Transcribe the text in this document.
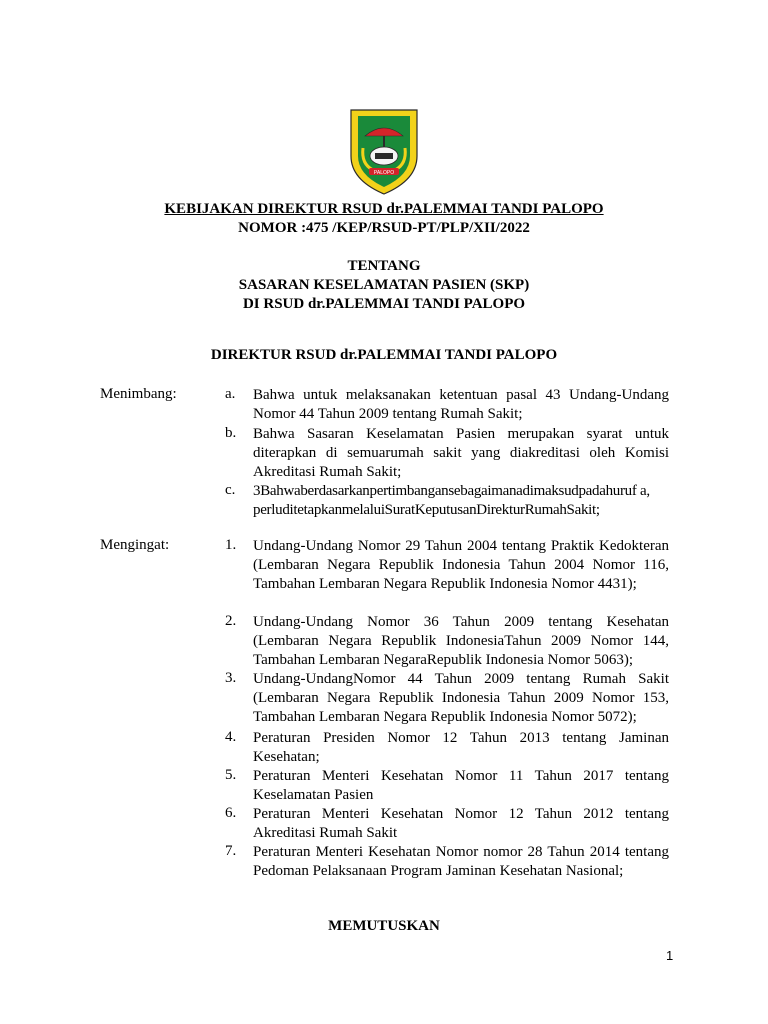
PALOPO
KEBIJAKAN DIREKTUR RSUD dr.PALEMMAI TANDI PALOPO
NOMOR :475 /KEP/RSUD-PT/PLP/XII/2022
TENTANG
SASARAN KESELAMATAN PASIEN (SKP)
DI RSUD dr.PALEMMAI TANDI PALOPO
DIREKTUR RSUD dr.PALEMMAI TANDI PALOPO
Menimbang:	a.	Bahwa untuk melaksanakan ketentuan pasal 43 Undang-Undang Nomor 44 Tahun 2009 tentang Rumah Sakit;
b.	Bahwa Sasaran Keselamatan Pasien merupakan syarat untuk diterapkan di semuarumah sakit yang diakreditasi oleh Komisi Akreditasi Rumah Sakit;
c.	3Bahwaberdasarkanpertimbangansebagaimanadimaksudpadahuruf a, perluditetapkanmelaluiSuratKeputusanDirekturRumahSakit;
Mengingat:	1.	Undang-Undang Nomor 29 Tahun 2004 tentang Praktik Kedokteran (Lembaran Negara Republik Indonesia Tahun 2004 Nomor 116, Tambahan Lembaran Negara Republik Indonesia Nomor 4431);
2.	Undang-Undang Nomor 36 Tahun 2009 tentang Kesehatan (Lembaran Negara Republik IndonesiaTahun 2009 Nomor 144, Tambahan Lembaran NegaraRepublik Indonesia Nomor 5063);
3.	Undang-UndangNomor 44 Tahun 2009 tentang Rumah Sakit (Lembaran Negara Republik Indonesia Tahun 2009 Nomor 153, Tambahan Lembaran Negara Republik Indonesia Nomor 5072);
4.	Peraturan Presiden Nomor 12 Tahun 2013 tentang Jaminan Kesehatan;
5.	Peraturan Menteri Kesehatan Nomor 11 Tahun 2017 tentang Keselamatan Pasien
6.	Peraturan Menteri Kesehatan Nomor 12 Tahun 2012 tentang Akreditasi Rumah Sakit
7.	Peraturan Menteri Kesehatan Nomor nomor 28 Tahun 2014 tentang Pedoman Pelaksanaan Program Jaminan Kesehatan Nasional;
MEMUTUSKAN
1
